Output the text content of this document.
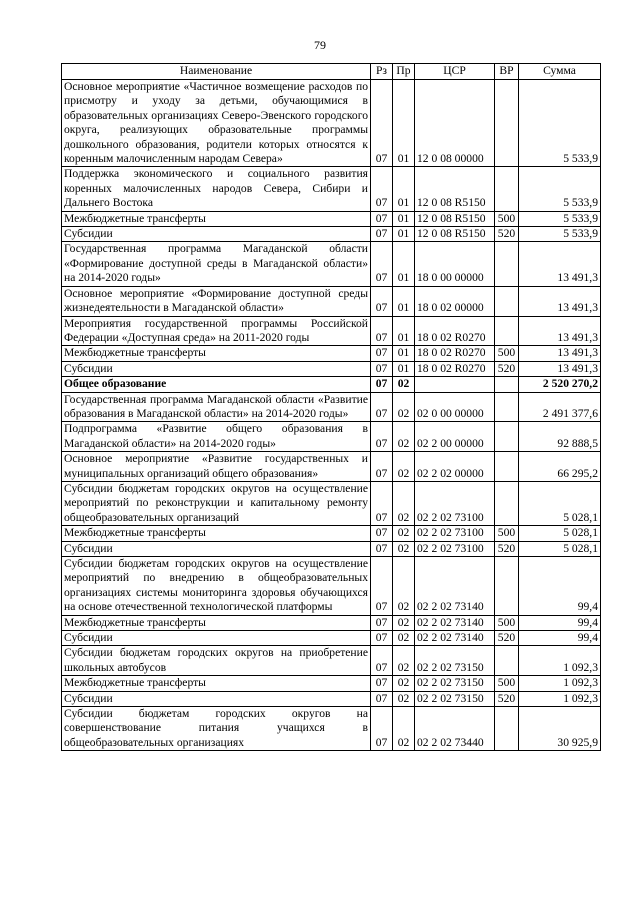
79
Наименование	Рз	Пр	ЦСР	ВР	Сумма
Основное мероприятие «Частичное возмещение расходов по присмотру и уходу за детьми, обучающимися в образовательных организациях Северо-Эвенского городского округа, реализующих образовательные программы дошкольного образования, родители которых относятся к коренным малочисленным народам Севера»	07	01	12 0 08 00000		5 533,9
Поддержка экономического и социального развития коренных малочисленных народов Севера, Сибири и Дальнего Востока	07	01	12 0 08 R5150		5 533,9
Межбюджетные трансферты	07	01	12 0 08 R5150	500	5 533,9
Субсидии	07	01	12 0 08 R5150	520	5 533,9
Государственная программа Магаданской области «Формирование доступной среды в Магаданской области» на 2014-2020 годы»	07	01	18 0 00 00000		13 491,3
Основное мероприятие «Формирование доступной среды жизнедеятельности в Магаданской области»	07	01	18 0 02 00000		13 491,3
Мероприятия государственной программы Российской Федерации «Доступная среда» на 2011-2020 годы	07	01	18 0 02 R0270		13 491,3
Межбюджетные трансферты	07	01	18 0 02 R0270	500	13 491,3
Субсидии	07	01	18 0 02 R0270	520	13 491,3
Общее образование	07	02			2 520 270,2
Государственная программа Магаданской области «Развитие образования в Магаданской области» на 2014-2020 годы»	07	02	02 0 00 00000		2 491 377,6
Подпрограмма «Развитие общего образования в Магаданской области» на 2014-2020 годы»	07	02	02 2 00 00000		92 888,5
Основное мероприятие «Развитие государственных и муниципальных организаций общего образования»	07	02	02 2 02 00000		66 295,2
Субсидии бюджетам городских округов на осуществление мероприятий по реконструкции и капитальному ремонту общеобразовательных организаций	07	02	02 2 02 73100		5 028,1
Межбюджетные трансферты	07	02	02 2 02 73100	500	5 028,1
Субсидии	07	02	02 2 02 73100	520	5 028,1
Субсидии бюджетам городских округов на осуществление мероприятий по внедрению в общеобразовательных организациях системы мониторинга здоровья обучающихся на основе отечественной технологической платформы	07	02	02 2 02 73140		99,4
Межбюджетные трансферты	07	02	02 2 02 73140	500	99,4
Субсидии	07	02	02 2 02 73140	520	99,4
Субсидии бюджетам городских округов на приобретение школьных автобусов	07	02	02 2 02 73150		1 092,3
Межбюджетные трансферты	07	02	02 2 02 73150	500	1 092,3
Субсидии	07	02	02 2 02 73150	520	1 092,3
Субсидии бюджетам городских округов на совершенствование питания учащихся в общеобразовательных организациях	07	02	02 2 02 73440		30 925,9
